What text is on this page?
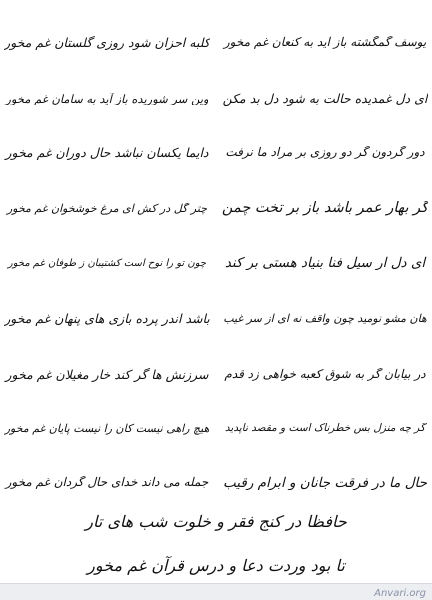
یوسف گمگشته باز آید به کنعان غم مخور
کلبه احزان شود روزی گلستان غم مخور
ای دل غمدیده حالت به شود دل بد مکن
وین سر شوریده باز آید به سامان غم مخور
دور گردون گر دو روزی بر مراد ما نرفت
دایما یکسان نباشد حال دوران غم مخور
گر بهار عمر باشد باز بر تخت چمن
چتر گل در کش ای مرغ خوشخوان غم مخور
ای دل ار سیل فنا بنیاد هستی بر کند
چون تو را نوح است کشتیبان ز طوفان غم مخور
هان مشو نومید چون واقف نه ای از سر غیب
باشد اندر پرده بازی های پنهان غم مخور
در بیابان گر به شوق کعبه خواهی زد قدم
سرزنش ها گر کند خار مغیلان غم مخور
گر چه منزل بس خطرناک است و مقصد ناپدید
هیچ راهی نیست کان را نیست پایان غم مخور
حال ما در فرقت جانان و ابرام رقیب
جمله می داند خدای حال گردان غم مخور
حافظا در کنج فقر و خلوت شب های تار
تا بود وردت دعا و درس قرآن غم مخور
Anvari.org
